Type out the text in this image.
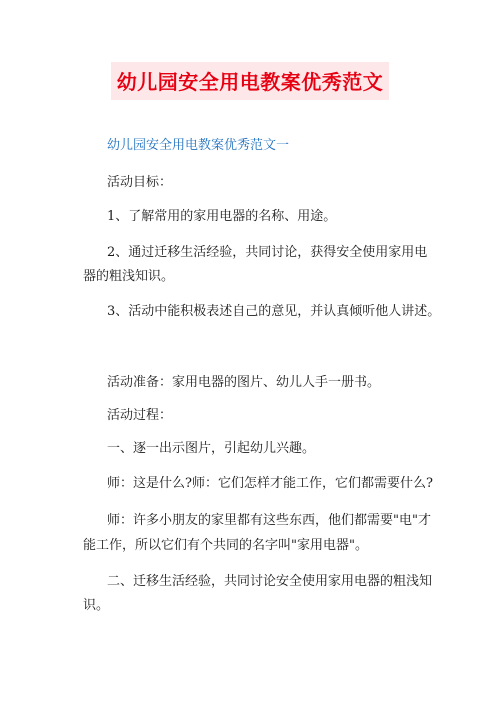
幼儿园安全用电教案优秀范文
幼儿园安全用电教案优秀范文一
活动目标：
1、了解常用的家用电器的名称、用途。
2、通过迁移生活经验，共同讨论，获得安全使用家用电
器的粗浅知识。
3、活动中能积极表述自己的意见，并认真倾听他人讲述。
活动准备：家用电器的图片、幼儿人手一册书。
活动过程：
一、逐一出示图片，引起幼儿兴趣。
师：这是什么?师：它们怎样才能工作，它们都需要什么?
师：许多小朋友的家里都有这些东西，他们都需要"电"才
能工作，所以它们有个共同的名字叫"家用电器"。
二、迁移生活经验，共同讨论安全使用家用电器的粗浅知
识。
